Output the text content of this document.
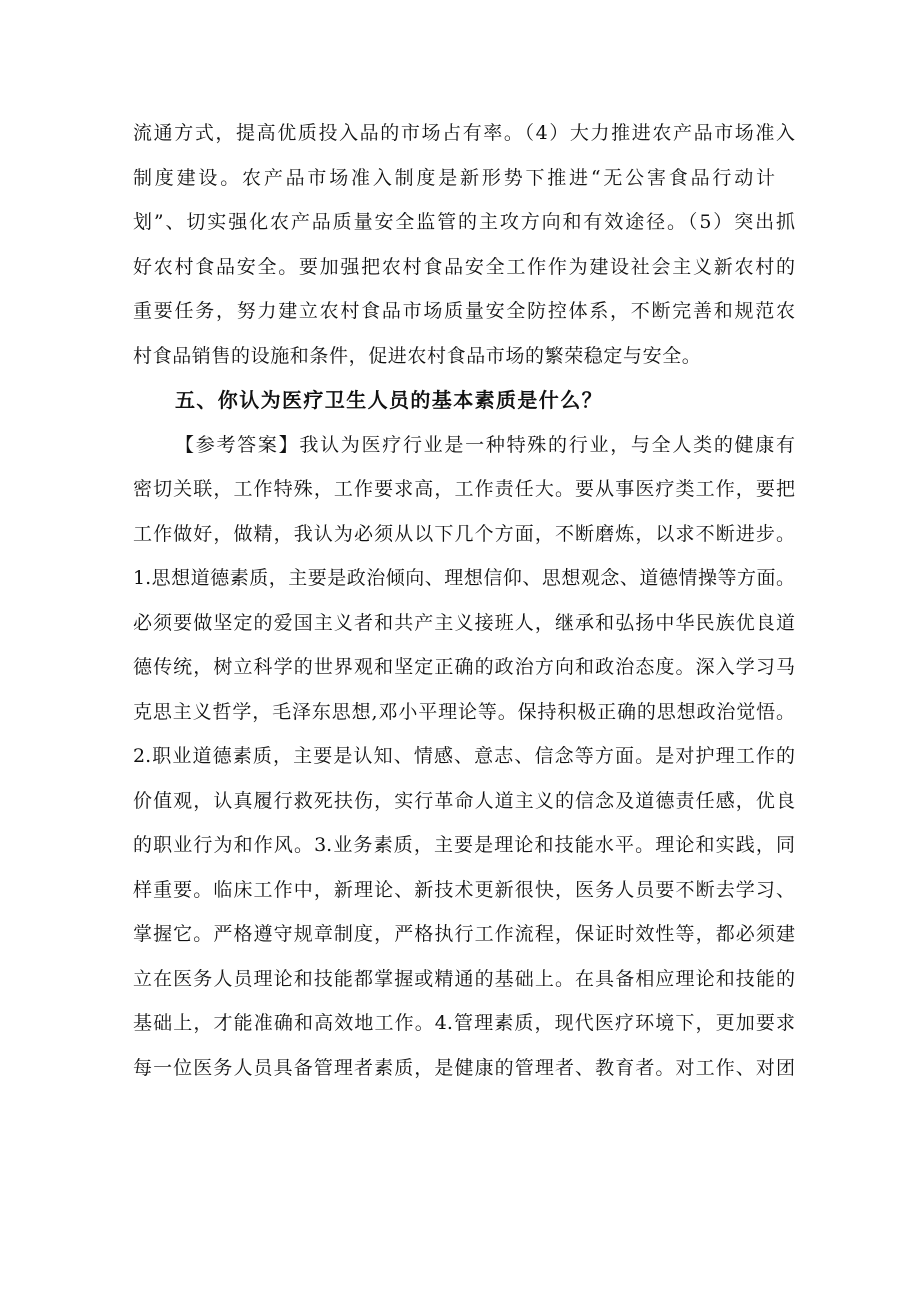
流通方式，提高优质投入品的市场占有率。（4）大力推进农产品市场准入
制度建设。农产品市场准入制度是新形势下推进“无公害食品行动计
划”、切实强化农产品质量安全监管的主攻方向和有效途径。（5）突出抓
好农村食品安全。要加强把农村食品安全工作作为建设社会主义新农村的
重要任务，努力建立农村食品市场质量安全防控体系，不断完善和规范农
村食品销售的设施和条件，促进农村食品市场的繁荣稳定与安全。
五、你认为医疗卫生人员的基本素质是什么？
【参考答案】我认为医疗行业是一种特殊的行业，与全人类的健康有
密切关联，工作特殊，工作要求高，工作责任大。要从事医疗类工作，要把
工作做好，做精，我认为必须从以下几个方面，不断磨炼，以求不断进步。
1.思想道德素质，主要是政治倾向、理想信仰、思想观念、道德情操等方面。
必须要做坚定的爱国主义者和共产主义接班人，继承和弘扬中华民族优良道
德传统，树立科学的世界观和坚定正确的政治方向和政治态度。深入学习马
克思主义哲学，毛泽东思想,邓小平理论等。保持积极正确的思想政治觉悟。
2.职业道德素质，主要是认知、情感、意志、信念等方面。是对护理工作的
价值观，认真履行救死扶伤，实行革命人道主义的信念及道德责任感，优良
的职业行为和作风。3.业务素质，主要是理论和技能水平。理论和实践，同
样重要。临床工作中，新理论、新技术更新很快，医务人员要不断去学习、
掌握它。严格遵守规章制度，严格执行工作流程，保证时效性等，都必须建
立在医务人员理论和技能都掌握或精通的基础上。在具备相应理论和技能的
基础上，才能准确和高效地工作。4.管理素质，现代医疗环境下，更加要求
每一位医务人员具备管理者素质，是健康的管理者、教育者。对工作、对团
